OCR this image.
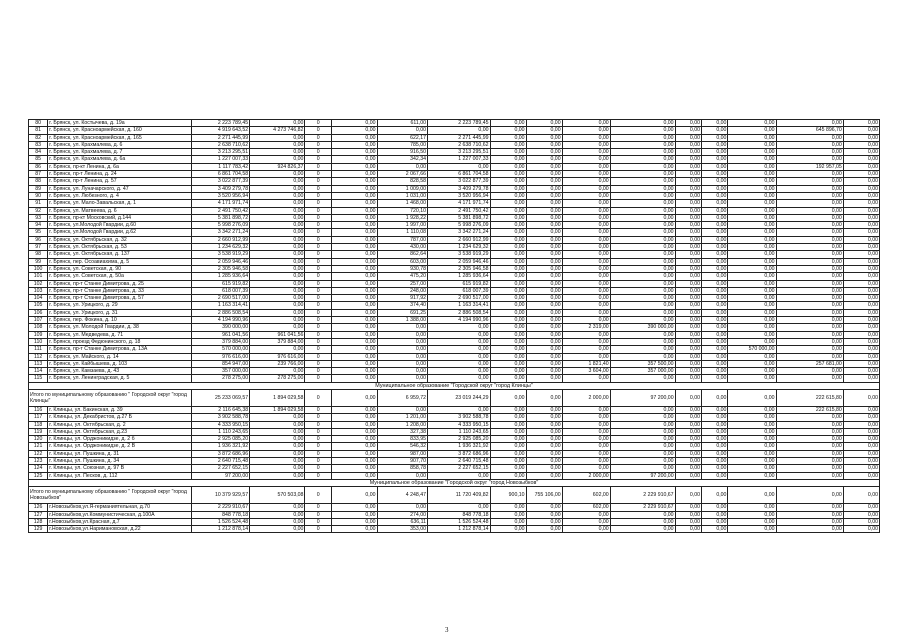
80	г. Брянск, ул. Костычева, д. 19а	2 223 789,45	0,00	0	0,00	611,00	2 223 789,45	0,00	0,00	0,00	0,00	0,00	0,00	0,00	0,00	0,00
81	г. Брянск, ул. Красноармейская, д. 160	4 919 643,52	4 273 746,82	0	0,00	0,00	0,00	0,00	0,00	0,00	0,00	0,00	0,00	0,00	645 896,70	0,00
82	г. Брянск, ул. Красноармейская, д. 165	2 271 445,99	0,00	0	0,00	622,17	2 271 445,99	0,00	0,00	0,00	0,00	0,00	0,00	0,00	0,00	0,00
83	г. Брянск, ул. Крахмалева, д. 6	2 638 710,62	0,00	0	0,00	785,00	2 638 710,62	0,00	0,00	0,00	0,00	0,00	0,00	0,00	0,00	0,00
84	г. Брянск, ул. Крахмалева, д. 7	3 213 295,51	0,00	0	0,00	916,50	3 213 295,51	0,00	0,00	0,00	0,00	0,00	0,00	0,00	0,00	0,00
85	г. Брянск, ул. Крахмалева, д. 6а	1 227 007,33	0,00	0	0,00	342,34	1 227 007,33	0,00	0,00	0,00	0,00	0,00	0,00	0,00	0,00	0,00
86	г. Брянск, пр-кт Ленина, д. 6а	1 117 783,42	924 826,37	0	0,00	0,00	0,00	0,00	0,00	0,00	0,00	0,00	0,00	0,00	192 957,05	0,00
87	г. Брянск, пр-т Ленина, д. 24	6 861 704,58	0,00	0	0,00	2 067,66	6 861 704,58	0,00	0,00	0,00	0,00	0,00	0,00	0,00	0,00	0,00
88	г. Брянск, пр-т Ленина, д. 57	3 022 877,39	0,00	0	0,00	828,58	3 022 877,39	0,00	0,00	0,00	0,00	0,00	0,00	0,00	0,00	0,00
89	г. Брянск, ул. Луначарского, д. 47	3 409 279,78	0,00	0	0,00	1 009,00	3 409 279,78	0,00	0,00	0,00	0,00	0,00	0,00	0,00	0,00	0,00
90	г. Брянск, ул. Любезного, д. 4	3 520 956,94	0,00	0	0,00	1 031,00	3 520 956,94	0,00	0,00	0,00	0,00	0,00	0,00	0,00	0,00	0,00
91	г. Брянск, ул. Мало-Завальская, д. 1	4 171 971,74	0,00	0	0,00	1 468,00	4 171 971,74	0,00	0,00	0,00	0,00	0,00	0,00	0,00	0,00	0,00
92	г. Брянск, ул. Матвеева, д. 6	2 491 750,42	0,00	0	0,00	720,10	2 491 750,42	0,00	0,00	0,00	0,00	0,00	0,00	0,00	0,00	0,00
93	г. Брянск, пр-кт Московский, д.144	5 381 898,72	0,00	0	0,00	1 928,22	5 381 898,72	0,00	0,00	0,00	0,00	0,00	0,00	0,00	0,00	0,00
94	г. Брянск, ул.Молодой Гвардии, д.60	5 998 276,09	0,00	0	0,00	1 997,00	5 998 276,09	0,00	0,00	0,00	0,00	0,00	0,00	0,00	0,00	0,00
95	г. Брянск, ул.Молодой Гвардии, д.62	3 342 271,24	0,00	0	0,00	1 110,08	3 342 271,24	0,00	0,00	0,00	0,00	0,00	0,00	0,00	0,00	0,00
96	г. Брянск, ул. Октябрьская, д. 32	2 660 912,99	0,00	0	0,00	787,00	2 660 912,99	0,00	0,00	0,00	0,00	0,00	0,00	0,00	0,00	0,00
97	г. Брянск, ул. Октябрьская, д. 53	1 234 629,32	0,00	0	0,00	430,00	1 234 629,32	0,00	0,00	0,00	0,00	0,00	0,00	0,00	0,00	0,00
98	г. Брянск, ул. Октябрьская, д. 137	3 538 919,29	0,00	0	0,00	862,64	3 538 919,29	0,00	0,00	0,00	0,00	0,00	0,00	0,00	0,00	0,00
99	г. Брянск, пер. Осоавиахима, д. 5	2 059 946,46	0,00	0	0,00	603,00	2 059 946,46	0,00	0,00	0,00	0,00	0,00	0,00	0,00	0,00	0,00
100	г. Брянск, ул. Советская, д. 90	2 305 946,58	0,00	0	0,00	930,78	2 305 946,58	0,00	0,00	0,00	0,00	0,00	0,00	0,00	0,00	0,00
101	г. Брянск, ул. Советская, д. 50а	1 285 936,64	0,00	0	0,00	475,20	1 285 936,64	0,00	0,00	0,00	0,00	0,00	0,00	0,00	0,00	0,00
102	г. Брянск, пр-т Станке Димитрова, д. 25	615 919,82	0,00	0	0,00	257,00	615 919,82	0,00	0,00	0,00	0,00	0,00	0,00	0,00	0,00	0,00
103	г. Брянск, пр-т Станке Димитрова, д. 33	618 007,39	0,00	0	0,00	248,00	618 007,39	0,00	0,00	0,00	0,00	0,00	0,00	0,00	0,00	0,00
104	г. Брянск, пр-т Станке Димитрова, д. 57	2 690 517,00	0,00	0	0,00	917,92	2 690 517,00	0,00	0,00	0,00	0,00	0,00	0,00	0,00	0,00	0,00
105	г. Брянск, ул. Урицкого, д. 29	1 163 314,41	0,00	0	0,00	374,40	1 163 314,41	0,00	0,00	0,00	0,00	0,00	0,00	0,00	0,00	0,00
106	г. Брянск, ул. Урицкого, д. 31	2 886 508,54	0,00	0	0,00	691,25	2 886 508,54	0,00	0,00	0,00	0,00	0,00	0,00	0,00	0,00	0,00
107	г. Брянск, пер. Фокина, д. 10	4 194 990,96	0,00	0	0,00	1 388,00	4 194 990,96	0,00	0,00	0,00	0,00	0,00	0,00	0,00	0,00	0,00
108	г. Брянск, ул. Молодой Гвардии, д. 38	390 000,00	0,00	0	0,00	0,00	0,00	0,00	0,00	2 319,00	390 000,00	0,00	0,00	0,00	0,00	0,00
109	г. Брянск, ул. Медведева, д. 71	961 041,56	961 041,56	0	0,00	0,00	0,00	0,00	0,00	0,00	0,00	0,00	0,00	0,00	0,00	0,00
110	г. Брянск, проезд Федюнинского, д. 18	379 884,00	379 884,00	0	0,00	0,00	0,00	0,00	0,00	0,00	0,00	0,00	0,00	0,00	0,00	0,00
111	г. Брянск, пр-т Станке Димитрова, д. 13А	570 000,00	0,00	0	0,00	0,00	0,00	0,00	0,00	0,00	0,00	0,00	0,00	570 000,00	0,00	0,00
112	г. Брянск, ул. Майского, д. 14	976 616,00	976 616,00	0	0,00	0,00	0,00	0,00	0,00	0,00	0,00	0,00	0,00	0,00	0,00	0,00
113	г. Брянск, ул. Кайбышева, д. 103	854 947,00	239 766,00	0	0,00	0,00	0,00	0,00	0,00	1 821,40	357 500,00	0,00	0,00	0,00	257 681,00	0,00
114	г. Брянск, ул. Камзаева, д. 43	357 000,00	0,00	0	0,00	0,00	0,00	0,00	0,00	3 604,00	357 000,00	0,00	0,00	0,00	0,00	0,00
115	г. Брянск, ул. Ленинградская, д. 5	278 275,00	278 275,00	0	0,00	0,00	0,00	0,00	0,00	0,00	0,00	0,00	0,00	0,00	0,00	0,00
Муниципальное образование "Городской округ "город Клинцы"																
Итого по муниципальному образованию " Городской округ "город Клинцы"		25 233 069,57	1 894 029,58	0	0,00	6 959,72	23 019 244,29	0,00	0,00	2 000,00	97 200,00	0,00	0,00	0,00	222 615,80	0,00
116	г. Клинцы, ул. Бакинская, д. 39	2 116 645,38	1 894 029,58	0	0,00	0,00	0,00	0,00	0,00	0,00	0,00	0,00	0,00	0,00	222 615,80	0,00
117	г. Клинцы, ул. Декабристов, д.27 Б	3 902 588,78	0,00	0	0,00	1 201,00	3 902 588,78	0,00	0,00	0,00	0,00	0,00	0,00	0,00	0,00	0,00
118	г. Клинцы, ул. Октябрьская, д. 2	4 333 950,15	0,00	0	0,00	1 208,00	4 333 950,15	0,00	0,00	0,00	0,00	0,00	0,00	0,00	0,00	0,00
119	г. Клинцы, ул. Октябрьская, д.23	1 110 243,65	0,00	0	0,00	327,38	1 110 243,65	0,00	0,00	0,00	0,00	0,00	0,00	0,00	0,00	0,00
120	г. Клинцы, ул. Орджоникидзе, д. 2 б	2 925 085,20	0,00	0	0,00	833,95	2 925 085,20	0,00	0,00	0,00	0,00	0,00	0,00	0,00	0,00	0,00
121	г. Клинцы, ул. Орджоникидзе, д. 2 В	1 936 321,92	0,00	0	0,00	546,32	1 936 321,92	0,00	0,00	0,00	0,00	0,00	0,00	0,00	0,00	0,00
122	г. Клинцы, ул. Пушкина, д. 31	3 872 686,96	0,00	0	0,00	987,00	3 872 686,96	0,00	0,00	0,00	0,00	0,00	0,00	0,00	0,00	0,00
123	г. Клинцы, ул. Пушкина, д. 34	2 640 715,48	0,00	0	0,00	907,70	2 640 715,48	0,00	0,00	0,00	0,00	0,00	0,00	0,00	0,00	0,00
124	г. Клинцы, ул. Союзная, д. 97 В	2 227 652,15	0,00	0	0,00	858,78	2 227 652,15	0,00	0,00	0,00	0,00	0,00	0,00	0,00	0,00	0,00
125	г. Клинцы, ул. Песков, д. 112	97 200,00	0,00	0	0,00	0,00	0,00	0,00	0,00	2 000,00	97 200,00	0,00	0,00	0,00	0,00	0,00
Муниципальное образование "Городской округ "город Новозыбков"																
Итого по муниципальному образованию " Городской округ "город Новозыбков"		10 379 929,57	570 503,08	0	0,00	4 248,47	11 720 409,82	900,10	755 106,00	602,00	2 229 910,67	0,00	0,00	0,00	0,00	0,00
126	г.Новозыбков,ул.Я-германиятельная, д.70	2 229 910,67	0,00	0	0,00	0,00	0,00	0,00	0,00	602,00	2 229 910,67	0,00	0,00	0,00	0,00	0,00
127	г.Новозыбков,ул.Коммунистическая, д.100А	848 778,18	0,00	0	0,00	274,00	848 778,18	0,00	0,00	0,00	0,00	0,00	0,00	0,00	0,00	0,00
128	г.Новозыбков,ул.Красная, д.7	1 526 524,48	0,00	0	0,00	636,11	1 526 524,48	0,00	0,00	0,00	0,00	0,00	0,00	0,00	0,00	0,00
129	г.Новозыбков,ул.Наримановская, д.22	1 212 878,14	0,00	0	0,00	353,00	1 212 878,14	0,00	0,00	0,00	0,00	0,00	0,00	0,00	0,00	0,00
3
